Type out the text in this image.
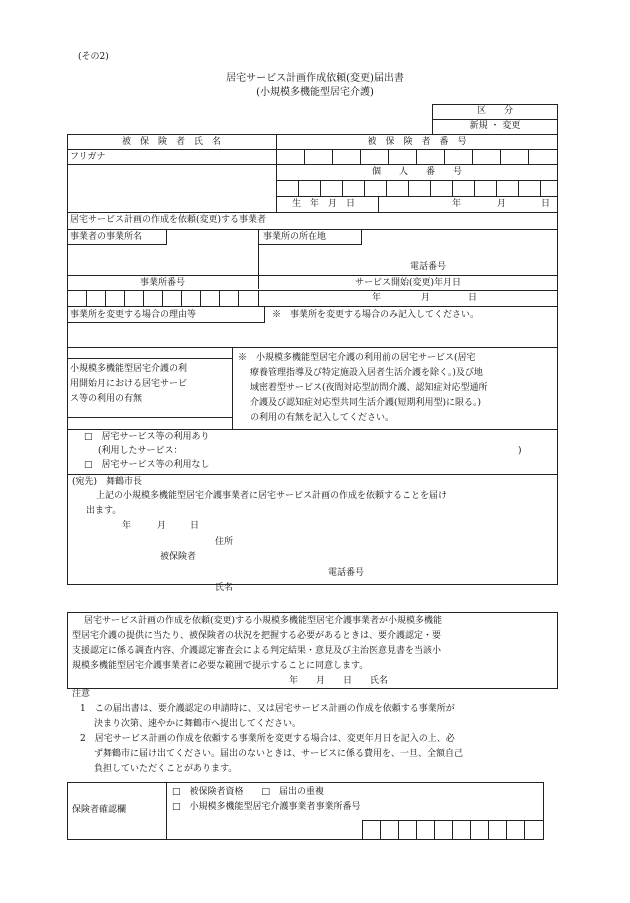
(その2)
居宅サービス計画作成依頼(変更)届出書
(小規模多機能型居宅介護)
区　　分
新規 ・ 変更
被　保　険　者　氏　名	被　保　険　者　番　号
フリガナ
個　　人　　番　　号
生　年　月　日	年	月	日
居宅サービス計画の作成を依頼(変更)する事業者
事業者の事業所名	事業所の所在地
電話番号
事業所番号	サービス開始(変更)年月日
年	月	日
事業所を変更する場合の理由等	※　事業所を変更する場合のみ記入してください。
小規模多機能型居宅介護の利
用開始月における居宅サービ
ス等の利用の有無
※　小規模多機能型居宅介護の利用前の居宅サービス(居宅
療養管理指導及び特定施設入居者生活介護を除く。)及び地
域密着型サービス(夜間対応型訪問介護、認知症対応型通所
介護及び認知症対応型共同生活介護(短期利用型)に限る。)
の利用の有無を記入してください。
□　居宅サービス等の利用あり
(利用したサービス：	)
□　居宅サービス等の利用なし
(宛先)　舞鶴市長
上記の小規模多機能型居宅介護事業者に居宅サービス計画の作成を依頼することを届け
出ます。
年	月	日
住所
被保険者
電話番号
氏名
居宅サービス計画の作成を依頼(変更)する小規模多機能型居宅介護事業者が小規模多機能
型居宅介護の提供に当たり、被保険者の状況を把握する必要があるときは、要介護認定・要
支援認定に係る調査内容、介護認定審査会による判定結果・意見及び主治医意見書を当該小
規模多機能型居宅介護事業者に必要な範囲で提示することに同意します。
年　　月　　日　　氏名
注意
1　この届出書は、要介護認定の申請時に、又は居宅サービス計画の作成を依頼する事業所が
決まり次第、速やかに舞鶴市へ提出してください。
2　居宅サービス計画の作成を依頼する事業所を変更する場合は、変更年月日を記入の上、必
ず舞鶴市に届け出てください。届出のないときは、サービスに係る費用を、一旦、全額自己
負担していただくことがあります。
保険者確認欄
□　被保険者資格　　□　届出の重複
□　小規模多機能型居宅介護事業者事業所番号
